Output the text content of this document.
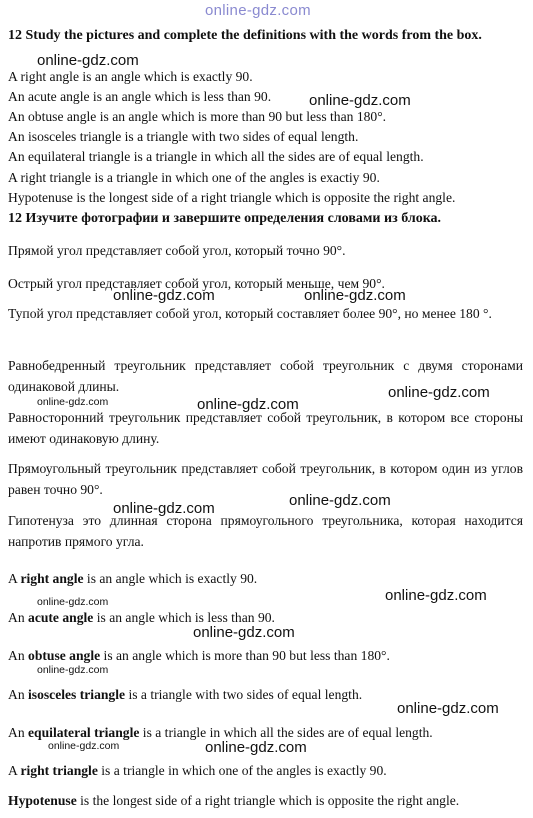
online-gdz.com
12 Study the pictures and complete the definitions with the words from the box.
A right angle is an angle which is exactly 90.
An acute angle is an angle which is less than 90.
An obtuse angle is an angle which is more than 90 but less than 180°.
An isosceles triangle is a triangle with two sides of equal length.
An equilateral triangle is a triangle in which all the sides are of equal length.
A right triangle is a triangle in which one of the angles is exactiy 90.
Hypotenuse is the longest side of a right triangle which is opposite the right angle.
12 Изучите фотографии и завершите определения словами из блока.
Прямой угол представляет собой угол, который точно 90°.
Острый угол представляет собой угол, который меньше, чем 90°.
Тупой угол представляет собой угол, который составляет более 90°, но менее 180 °.
Равнобедренный треугольник представляет собой треугольник с двумя сторонами одинаковой длины.
Равносторонний треугольник представляет собой треугольник, в котором все стороны имеют одинаковую длину.
Прямоугольный треугольник представляет собой треугольник, в котором один из углов равен точно 90°.
Гипотенуза это длинная сторона прямоугольного треугольника, которая находится напротив прямого угла.
A right angle is an angle which is exactly 90.
An acute angle is an angle which is less than 90.
An obtuse angle is an angle which is more than 90 but less than 180°.
An isosceles triangle is a triangle with two sides of equal length.
An equilateral triangle is a triangle in which all the sides are of equal length.
A right triangle is a triangle in which one of the angles is exactly 90.
Hypotenuse is the longest side of a right triangle which is opposite the right angle.
online-gdz.com
online-gdz.com
online-gdz.com	online-gdz.com
online-gdz.com
online-gdz.com	online-gdz.com
online-gdz.com
online-gdz.com
online-gdz.com
online-gdz.com
online-gdz.com
online-gdz.com
online-gdz.com
online-gdz.com	online-gdz.com
